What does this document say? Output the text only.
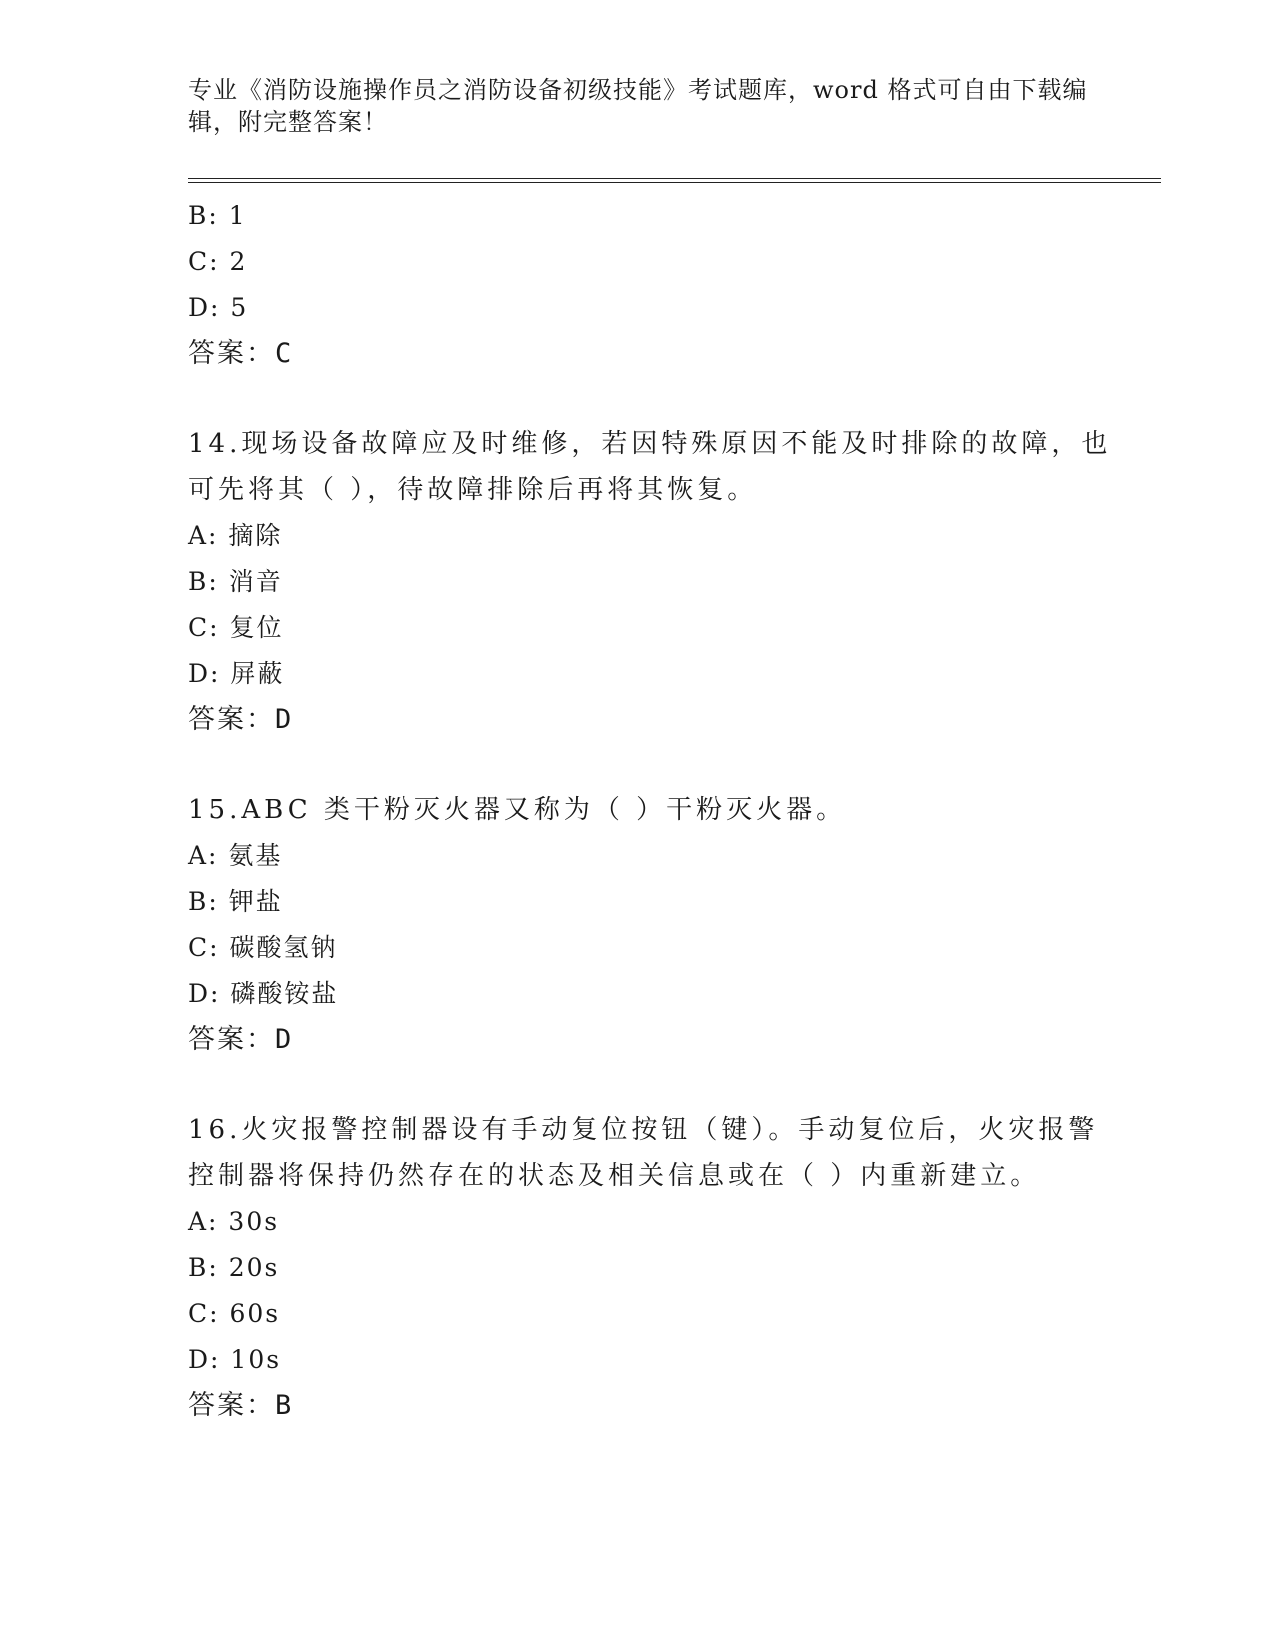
专业《消防设施操作员之消防设备初级技能》考试题库，word 格式可自由下载编
辑，附完整答案！
B: 1
C: 2
D: 5
答案：C
14.现场设备故障应及时维修，若因特殊原因不能及时排除的故障，也
可先将其（ ），待故障排除后再将其恢复。
A: 摘除
B: 消音
C: 复位
D: 屏蔽
答案：D
15.ABC 类干粉灭火器又称为（ ）干粉灭火器。
A: 氨基
B: 钾盐
C: 碳酸氢钠
D: 磷酸铵盐
答案：D
16.火灾报警控制器设有手动复位按钮（键）。手动复位后，火灾报警
控制器将保持仍然存在的状态及相关信息或在（ ）内重新建立。
A: 30s
B: 20s
C: 60s
D: 10s
答案：B
